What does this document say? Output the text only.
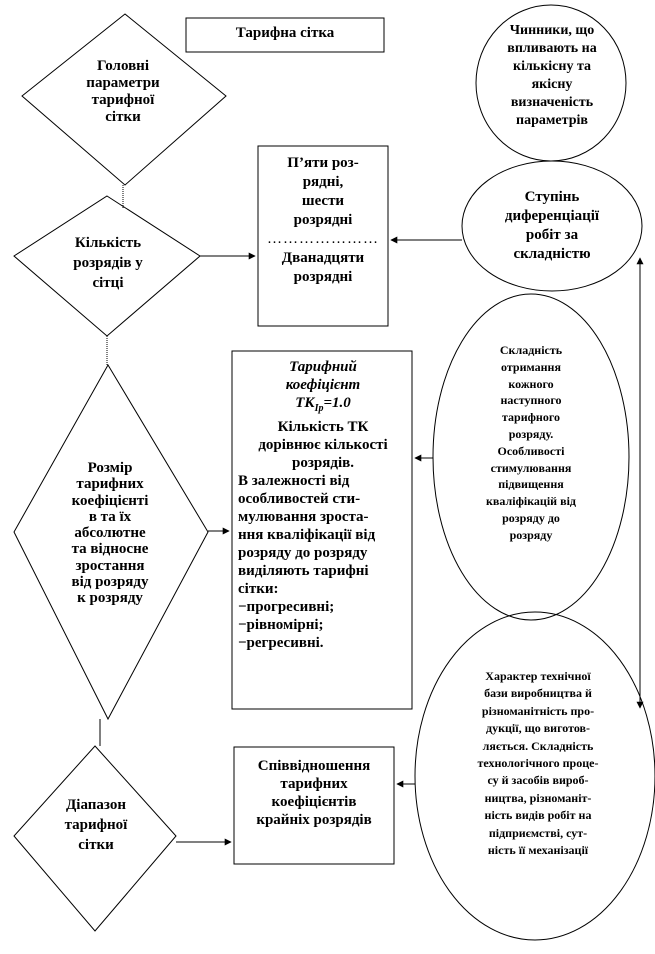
Тарифна сітка
Головні
параметри
тарифної
сітки
Кількість
розрядів у
сітці
Розмір
тарифних
коефіцієнті
в та їх
абсолютне
та відносне
зростання
від розряду
к розряду
Діапазон
тарифної
сітки
П’яти роз-
рядні,
шести
розрядні
…………………
Дванадцяти
розрядні
Тарифний
коефіцієнт
$ТК_{Ір}=1.0$
Кількість ТК
дорівнює кількості
розрядів.
В залежності від
особливостей сти-
мулювання зроста-
ння кваліфікації від
розряду до розряду
виділяють тарифні
сітки:
−прогресивні;
−рівномірні;
−регресивні.
Співвідношення
тарифних
коефіцієнтів
крайніх розрядів
Чинники, що
впливають на
кількісну та
якісну
визначеність
параметрів
Ступінь
диференціації
робіт за
складністю
Складність
отримання
кожного
наступного
тарифного
розряду.
Особливості
стимулювання
підвищення
кваліфікацій від
розряду до
розряду
Характер технічної
бази виробництва й
різноманітність про-
дукції, що виготов-
ляється. Складність
технологічного проце-
су й засобів вироб-
ництва, різноманіт-
ність видів робіт на
підприємстві, сут-
ність її механізації
